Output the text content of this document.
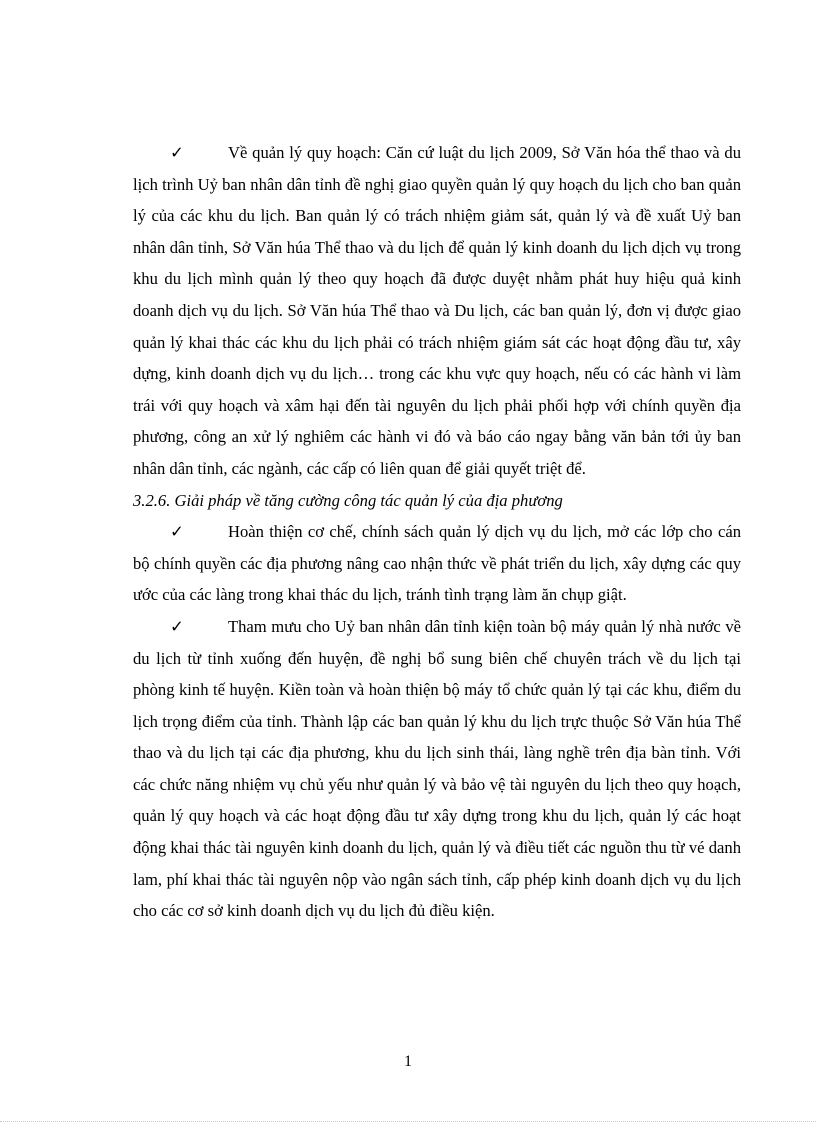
✓	Về quản lý quy hoạch: Căn cứ luật du lịch 2009, Sở Văn hóa thể thao và du lịch trình Uỷ ban nhân dân tỉnh đề nghị giao quyền quản lý quy hoạch du lịch cho ban quản lý của các khu du lịch. Ban quản lý có trách nhiệm giảm sát, quản lý và đề xuất Uỷ ban nhân dân tỉnh, Sở Văn húa Thể thao và du lịch để quản lý kinh doanh du lịch dịch vụ trong khu du lịch mình quản lý theo quy hoạch đã được duyệt nhằm phát huy hiệu quả kinh doanh dịch vụ du lịch. Sở Văn húa Thể thao và Du lịch, các ban quản lý, đơn vị được giao quản lý khai thác các khu du lịch phải có trách nhiệm giám sát các hoạt động đầu tư, xây dựng, kinh doanh dịch vụ du lịch… trong các khu vực quy hoạch, nếu có các hành vi làm trái với quy hoạch và xâm hại đến tài nguyên du lịch phải phối hợp với chính quyền địa phương, công an xử lý nghiêm các hành vi đó và báo cáo ngay bằng văn bản tới ủy ban nhân dân tỉnh, các ngành, các cấp có liên quan để giải quyết triệt để.

3.2.6. Giải pháp về tăng cường công tác quản lý của địa phương

✓	Hoàn thiện cơ chế, chính sách quản lý dịch vụ du lịch, mở các lớp cho cán bộ chính quyền các địa phương nâng cao nhận thức về phát triển du lịch, xây dựng các quy ước của các làng trong khai thác du lịch, tránh tình trạng làm ăn chụp giật.

✓	Tham mưu cho Uỷ ban nhân dân tỉnh kiện toàn bộ máy quản lý nhà nước về du lịch từ tỉnh xuống đến huyện, đề nghị bổ sung biên chế chuyên trách về du lịch tại phòng kinh tế huyện. Kiền toàn và hoàn thiện bộ máy tổ chức quản lý tại các khu, điểm du lịch trọng điểm của tỉnh. Thành lập các ban quản lý khu du lịch trực thuộc Sở Văn húa Thể thao và du lịch tại các địa phương, khu du lịch sinh thái, làng nghề trên địa bàn tỉnh. Với các chức năng nhiệm vụ chủ yếu như quản lý và bảo vệ tài nguyên du lịch theo quy hoạch, quản lý quy hoạch và các hoạt động đầu tư xây dựng trong khu du lịch, quản lý các hoạt động khai thác tài nguyên kinh doanh du lịch, quản lý và điều tiết các nguồn thu từ vé danh lam, phí khai thác tài nguyên nộp vào ngân sách tỉnh, cấp phép kinh doanh dịch vụ du lịch cho các cơ sở kinh doanh dịch vụ du lịch đủ điều kiện.

1
